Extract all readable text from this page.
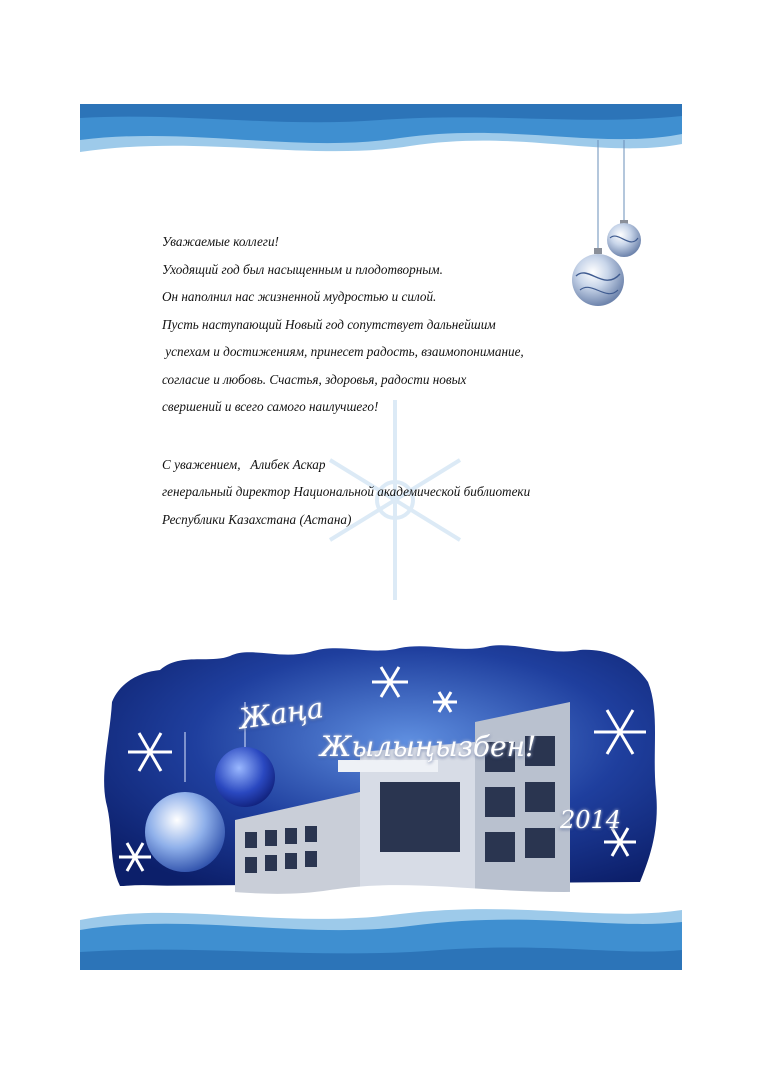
Уважаемые коллеги!
Уходящий год был насыщенным и плодотворным.
Он наполнил нас жизненной мудростью и силой.
Пусть наступающий Новый год сопутствует дальнейшим
успехам и достижениям, принесет радость, взаимопонимание,
согласие и любовь. Счастья, здоровья, радости новых
свершений и всего самого наилучшего!
С уважением,   Алибек Аскар
генеральный директор Национальной академической библиотеки
Республики Казахстана (Астана)
Жаңа
Жылыңызбен!
2014
